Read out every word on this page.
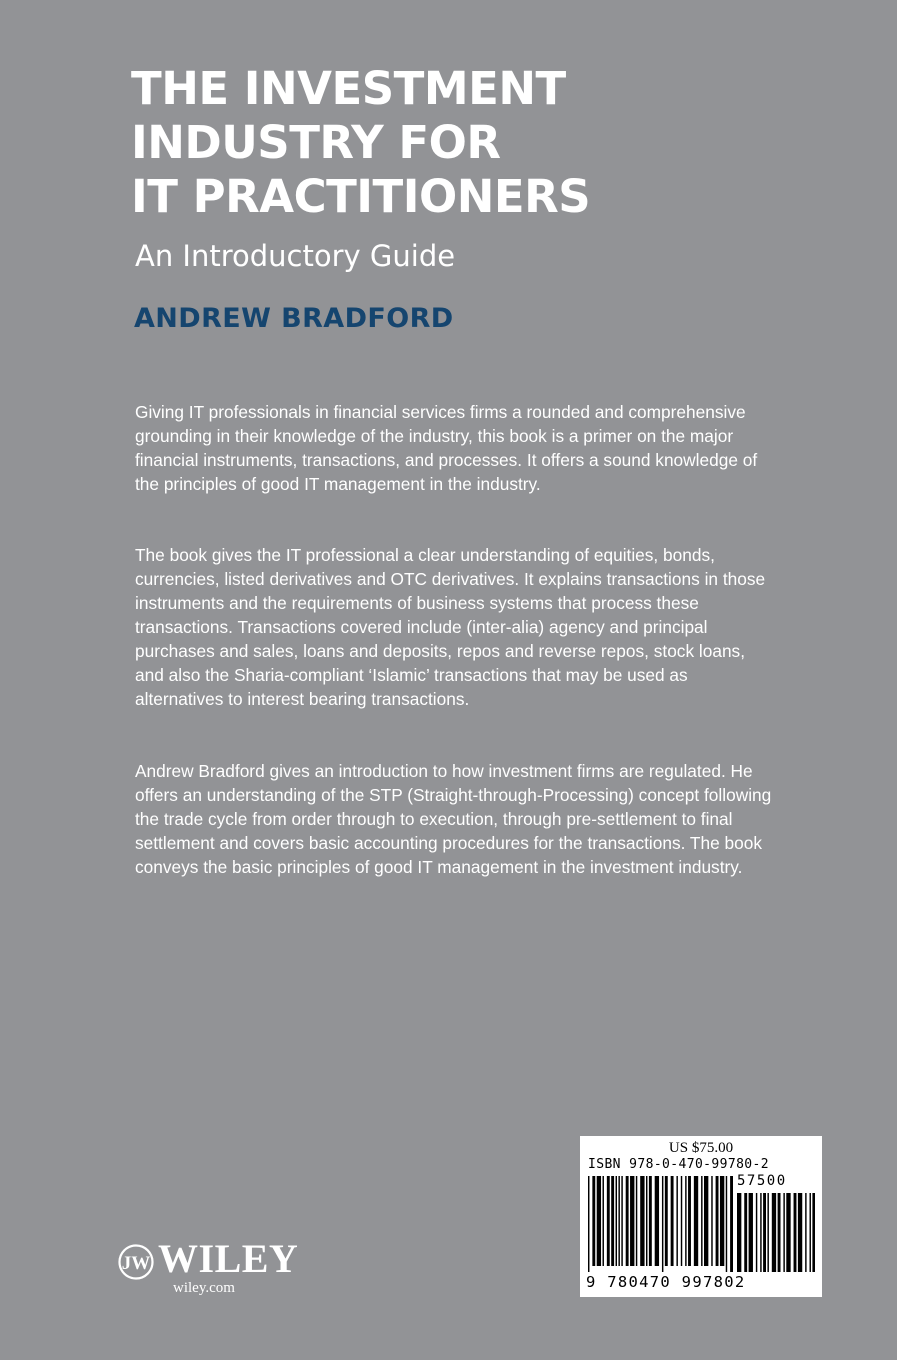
THE INVESTMENT
INDUSTRY FOR
IT PRACTITIONERS
An Introductory Guide
ANDREW BRADFORD

Giving IT professionals in financial services firms a rounded and comprehensive grounding in their knowledge of the industry, this book is a primer on the major financial instruments, transactions, and processes. It offers a sound knowledge of the principles of good IT management in the industry.

The book gives the IT professional a clear understanding of equities, bonds, currencies, listed derivatives and OTC derivatives. It explains transactions in those instruments and the requirements of business systems that process these transactions. Transactions covered include (inter-alia) agency and principal purchases and sales, loans and deposits, repos and reverse repos, stock loans, and also the Sharia-compliant ‘Islamic’ transactions that may be used as alternatives to interest bearing transactions.

Andrew Bradford gives an introduction to how investment firms are regulated. He offers an understanding of the STP (Straight-through-Processing) concept following the trade cycle from order through to execution, through pre-settlement to final settlement and covers basic accounting procedures for the transactions. The book conveys the basic principles of good IT management in the investment industry.

JW WILEY
wiley.com
US $75.00
ISBN 978-0-470-99780-2
57500
9 780470 997802
